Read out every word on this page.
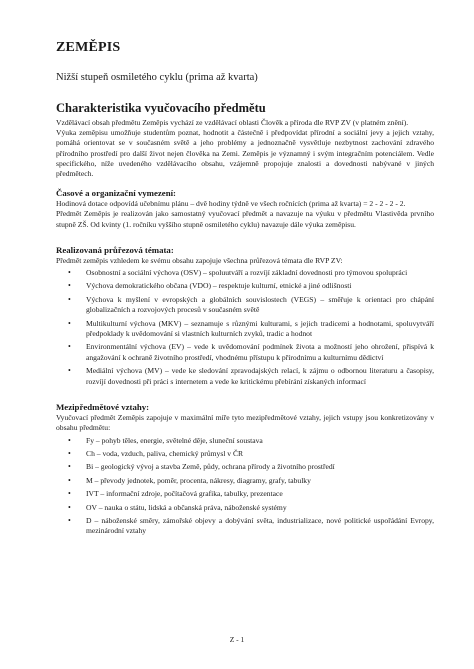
ZEMĚPIS
Nižší stupeň osmiletého cyklu (prima až kvarta)
Charakteristika vyučovacího předmětu

Vzdělávací obsah předmětu Zeměpis vychází ze vzdělávací oblasti Člověk a příroda dle RVP ZV (v platném znění).

Výuka zeměpisu umožňuje studentům poznat, hodnotit a částečně i předpovídat přírodní a sociální jevy a jejich vztahy, pomáhá orientovat se v současném světě a jeho problémy a jednoznačně vysvětluje nezbytnost zachování zdravého přírodního prostředí pro další život nejen člověka na Zemi. Zeměpis je významný i svým integračním potenciálem. Vedle specifického, níže uvedeného vzdělávacího obsahu, vzájemně propojuje znalosti a dovednosti nabývané v jiných předmětech.

Časové a organizační vymezení:

Hodinová dotace odpovídá učebnímu plánu – dvě hodiny týdně ve všech ročnících (prima až kvarta) = 2 - 2 - 2 - 2.

Předmět Zeměpis je realizován jako samostatný vyučovací předmět a navazuje na výuku v předmětu Vlastivěda prvního stupně ZŠ. Od kvinty (1. ročníku vyššího stupně osmiletého cyklu) navazuje dále výuka zeměpisu.

Realizovaná průřezová témata:

Předmět zeměpis vzhledem ke svému obsahu zapojuje všechna průřezová témata dle RVP ZV:

• Osobnostní a sociální výchova (OSV) – spoluutváří a rozvíjí základní dovednosti pro týmovou spolupráci
• Výchova demokratického občana (VDO) – respektuje kulturní, etnické a jiné odlišnosti
• Výchova k myšlení v evropských a globálních souvislostech (VEGS) – směřuje k orientaci pro chápání globalizačních a rozvojových procesů v současném světě
• Multikulturní výchova (MKV) – seznamuje s různými kulturami, s jejich tradicemi a hodnotami, spoluvytváří předpoklady k uvědomování si vlastních kulturních zvyků, tradic a hodnot
• Environmentální výchova (EV) – vede k uvědomování podmínek života a možností jeho ohrožení, přispívá k angažování k ochraně životního prostředí, vhodnému přístupu k přírodnímu a kulturnímu dědictví
• Mediální výchova (MV) – vede ke sledování zpravodajských relací, k zájmu o odbornou literaturu a časopisy, rozvíjí dovednosti při práci s internetem a vede ke kritickému přebírání získaných informací
Mezipředmětové vztahy:

Vyučovací předmět Zeměpis zapojuje v maximální míře tyto mezipředmětové vztahy, jejich vstupy jsou konkretizovány v obsahu předmětu:

• Fy – pohyb těles, energie, světelné děje, sluneční soustava
• Ch – voda, vzduch, paliva, chemický průmysl v ČR
• Bi – geologický vývoj a stavba Země, půdy, ochrana přírody a životního prostředí
• M – převody jednotek, poměr, procenta, nákresy, diagramy, grafy, tabulky
• IVT – informační zdroje, počítačová grafika, tabulky, prezentace
• OV – nauka o státu, lidská a občanská práva, náboženské systémy
• D – náboženské směry, zámořské objevy a dobývání světa, industrializace, nové politické uspořádání Evropy, mezinárodní vztahy
Z - 1
